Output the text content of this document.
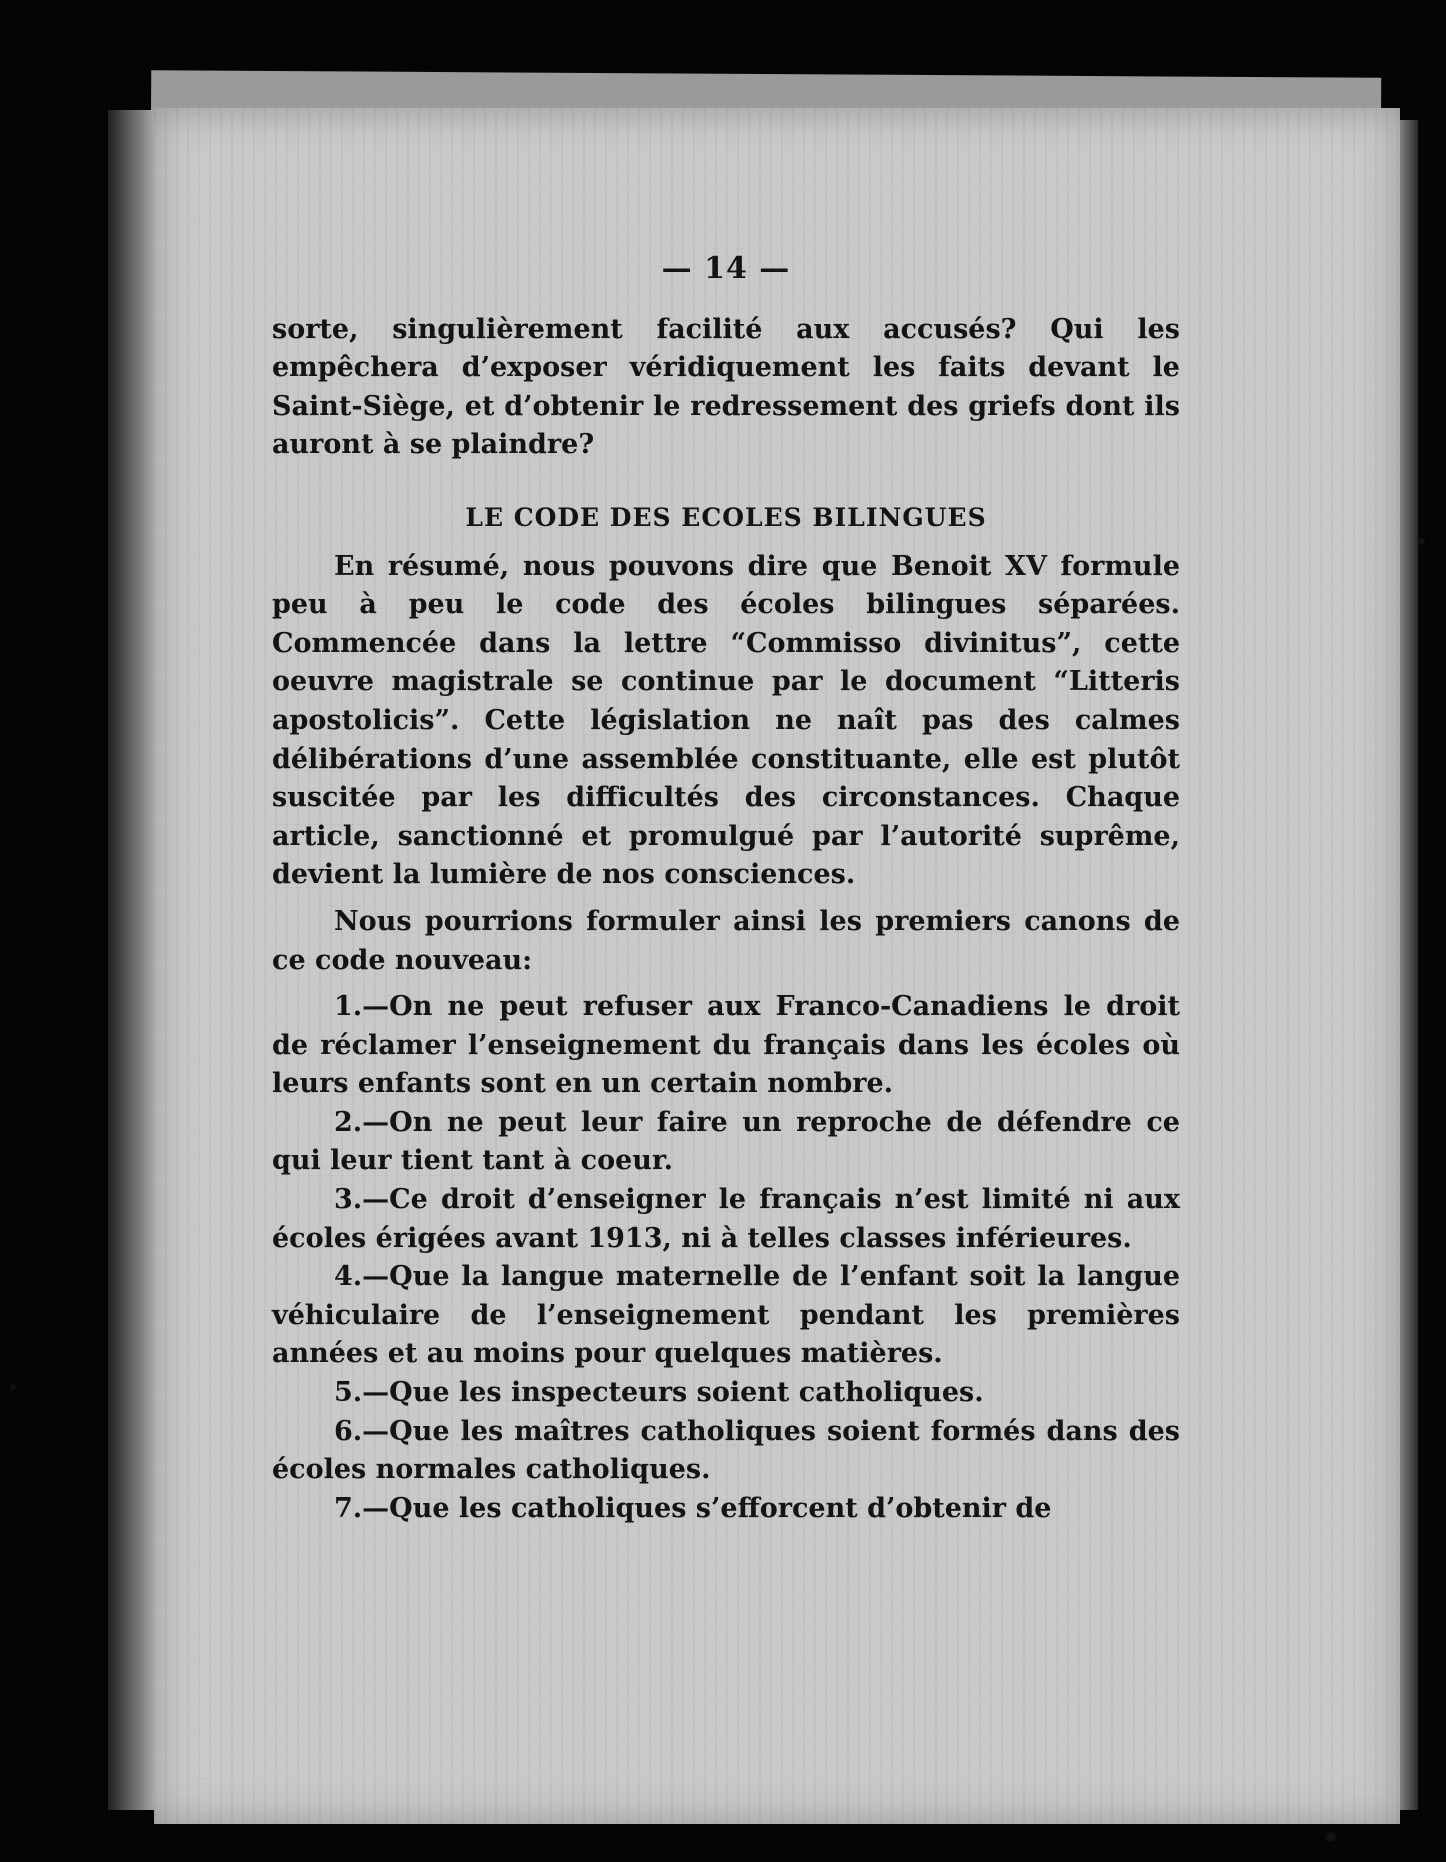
— 14 —

sorte, singulièrement facilité aux accusés? Qui les empêchera d’exposer véridiquement les faits devant le Saint-Siège, et d’obtenir le redressement des griefs dont ils auront à se plaindre?

LE CODE DES ECOLES BILINGUES

En résumé, nous pouvons dire que Benoit XV formule peu à peu le code des écoles bilingues séparées. Commencée dans la lettre “Commisso divinitus”, cette oeuvre magistrale se continue par le document “Litteris apostolicis”. Cette législation ne naît pas des calmes délibérations d’une assemblée constituante, elle est plutôt suscitée par les difficultés des circonstances. Chaque article, sanctionné et promulgué par l’autorité suprême, devient la lumière de nos consciences.

Nous pourrions formuler ainsi les premiers canons de ce code nouveau:

1.—On ne peut refuser aux Franco-Canadiens le droit de réclamer l’enseignement du français dans les écoles où leurs enfants sont en un certain nombre.

2.—On ne peut leur faire un reproche de défendre ce qui leur tient tant à coeur.

3.—Ce droit d’enseigner le français n’est limité ni aux écoles érigées avant 1913, ni à telles classes inférieures.

4.—Que la langue maternelle de l’enfant soit la langue véhiculaire de l’enseignement pendant les premières années et au moins pour quelques matières.

5.—Que les inspecteurs soient catholiques.

6.—Que les maîtres catholiques soient formés dans des écoles normales catholiques.

7.—Que les catholiques s’efforcent d’obtenir de
